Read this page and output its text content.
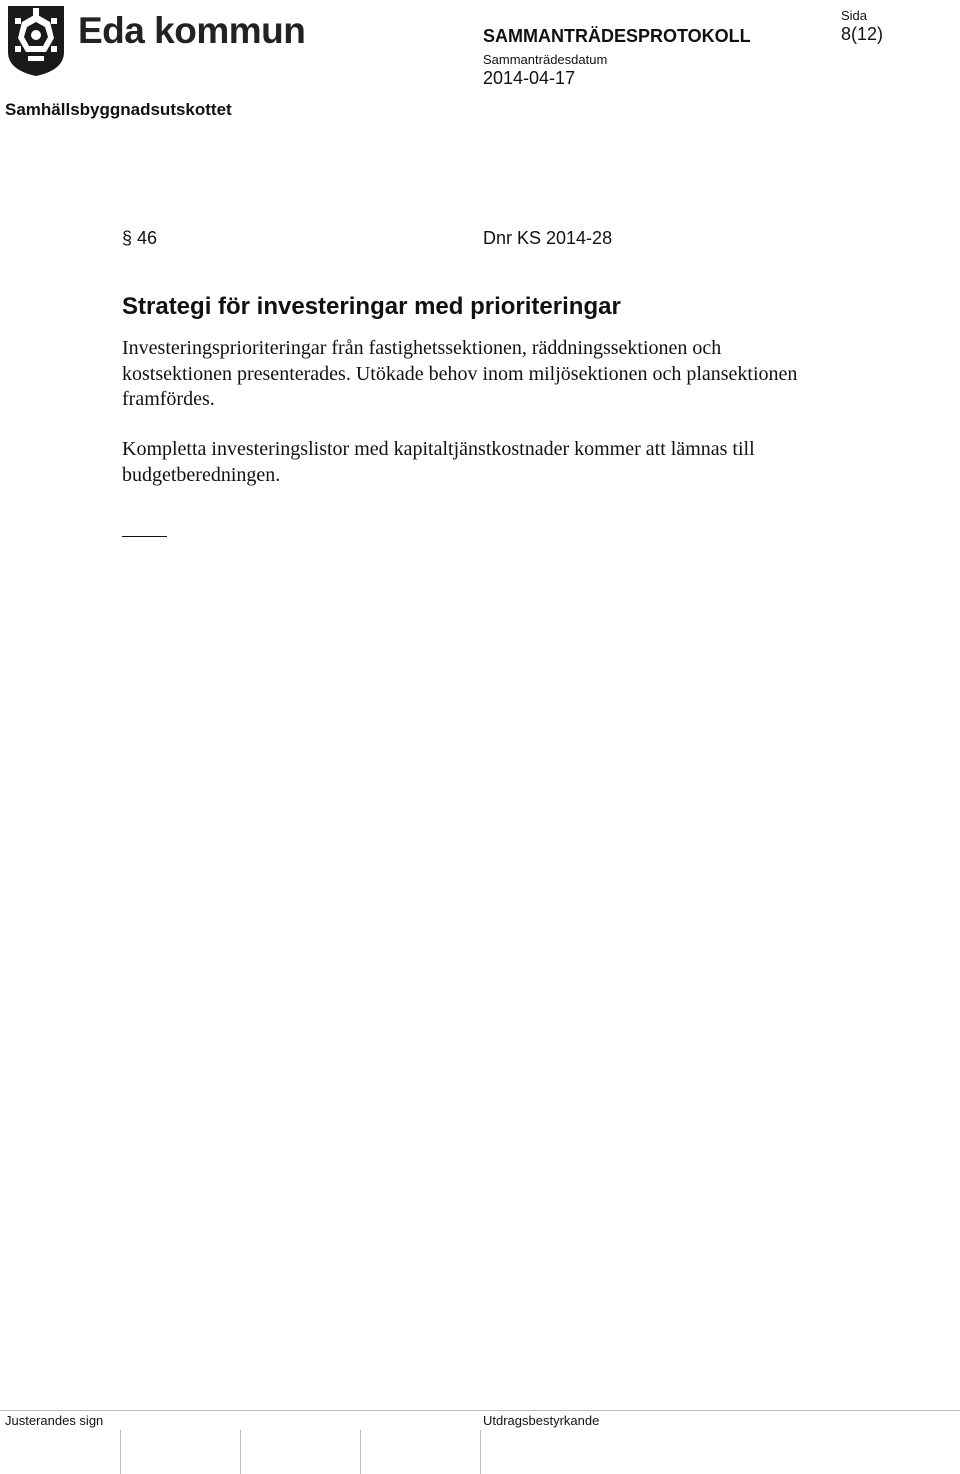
Eda kommun
Samhällsbyggnadsutskottet
SAMMANTRÄDESPROTOKOLL
Sammanträdesdatum
2014-04-17
Sida
8(12)
§ 46	Dnr KS 2014-28
Strategi för investeringar med prioriteringar
Investeringsprioriteringar från fastighetssektionen, räddningssektionen och kostsektionen presenterades. Utökade behov inom miljösektionen och plansektionen framfördes.
Kompletta investeringslistor med kapitaltjänstkostnader kommer att lämnas till budgetberedningen.
Justerandes sign	Utdragsbestyrkande
